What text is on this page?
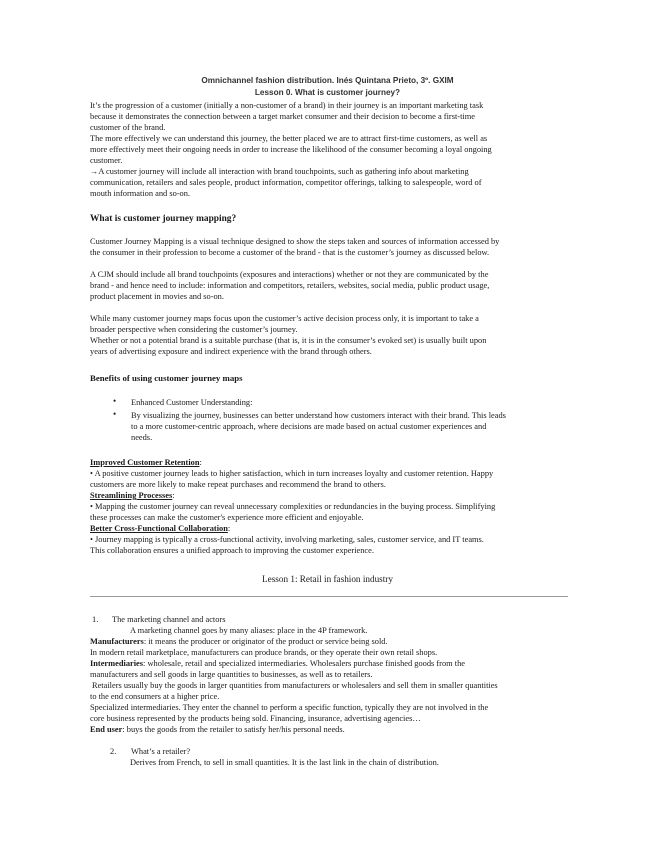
Omnichannel fashion distribution. Inés Quintana Prieto, 3º. GXIM
Lesson 0. What is customer journey?
It’s the progression of a customer (initially a non-customer of a brand) in their journey is an important marketing task
because it demonstrates the connection between a target market consumer and their decision to become a first-time
customer of the brand.
The more effectively we can understand this journey, the better placed we are to attract first-time customers, as well as
more effectively meet their ongoing needs in order to increase the likelihood of the consumer becoming a loyal ongoing
customer.
→A customer journey will include all interaction with brand touchpoints, such as gathering info about marketing
communication, retailers and sales people, product information, competitor offerings, talking to salespeople, word of
mouth information and so-on.
What is customer journey mapping?
Customer Journey Mapping is a visual technique designed to show the steps taken and sources of information accessed by
the consumer in their profession to become a customer of the brand - that is the customer’s journey as discussed below.
A CJM should include all brand touchpoints (exposures and interactions) whether or not they are communicated by the
brand - and hence need to include: information and competitors, retailers, websites, social media, public product usage,
product placement in movies and so-on.
While many customer journey maps focus upon the customer’s active decision process only, it is important to take a
broader perspective when considering the customer’s journey.
Whether or not a potential brand is a suitable purchase (that is, it is in the consumer’s evoked set) is usually built upon
years of advertising exposure and indirect experience with the brand through others.
Benefits of using customer journey maps
• Enhanced Customer Understanding:
• By visualizing the journey, businesses can better understand how customers interact with their brand. This leads
to a more customer-centric approach, where decisions are made based on actual customer experiences and
needs.
Improved Customer Retention:
• A positive customer journey leads to higher satisfaction, which in turn increases loyalty and customer retention. Happy
customers are more likely to make repeat purchases and recommend the brand to others.
Streamlining Processes:
• Mapping the customer journey can reveal unnecessary complexities or redundancies in the buying process. Simplifying
these processes can make the customer's experience more efficient and enjoyable.
Better Cross-Functional Collaboration:
• Journey mapping is typically a cross-functional activity, involving marketing, sales, customer service, and IT teams.
This collaboration ensures a unified approach to improving the customer experience.
Lesson 1: Retail in fashion industry
1.	The marketing channel and actors
A marketing channel goes by many aliases: place in the 4P framework.
Manufacturers: it means the producer or originator of the product or service being sold.
In modern retail marketplace, manufacturers can produce brands, or they operate their own retail shops.
Intermediaries: wholesale, retail and specialized intermediaries. Wholesalers purchase finished goods from the
manufacturers and sell goods in large quantities to businesses, as well as to retailers.
Retailers usually buy the goods in larger quantities from manufacturers or wholesalers and sell them in smaller quantities
to the end consumers at a higher price.
Specialized intermediaries. They enter the channel to perform a specific function, typically they are not involved in the
core business represented by the products being sold. Financing, insurance, advertising agencies…
End user: buys the goods from the retailer to satisfy her/his personal needs.
2.	What’s a retailer?
Derives from French, to sell in small quantities. It is the last link in the chain of distribution.
